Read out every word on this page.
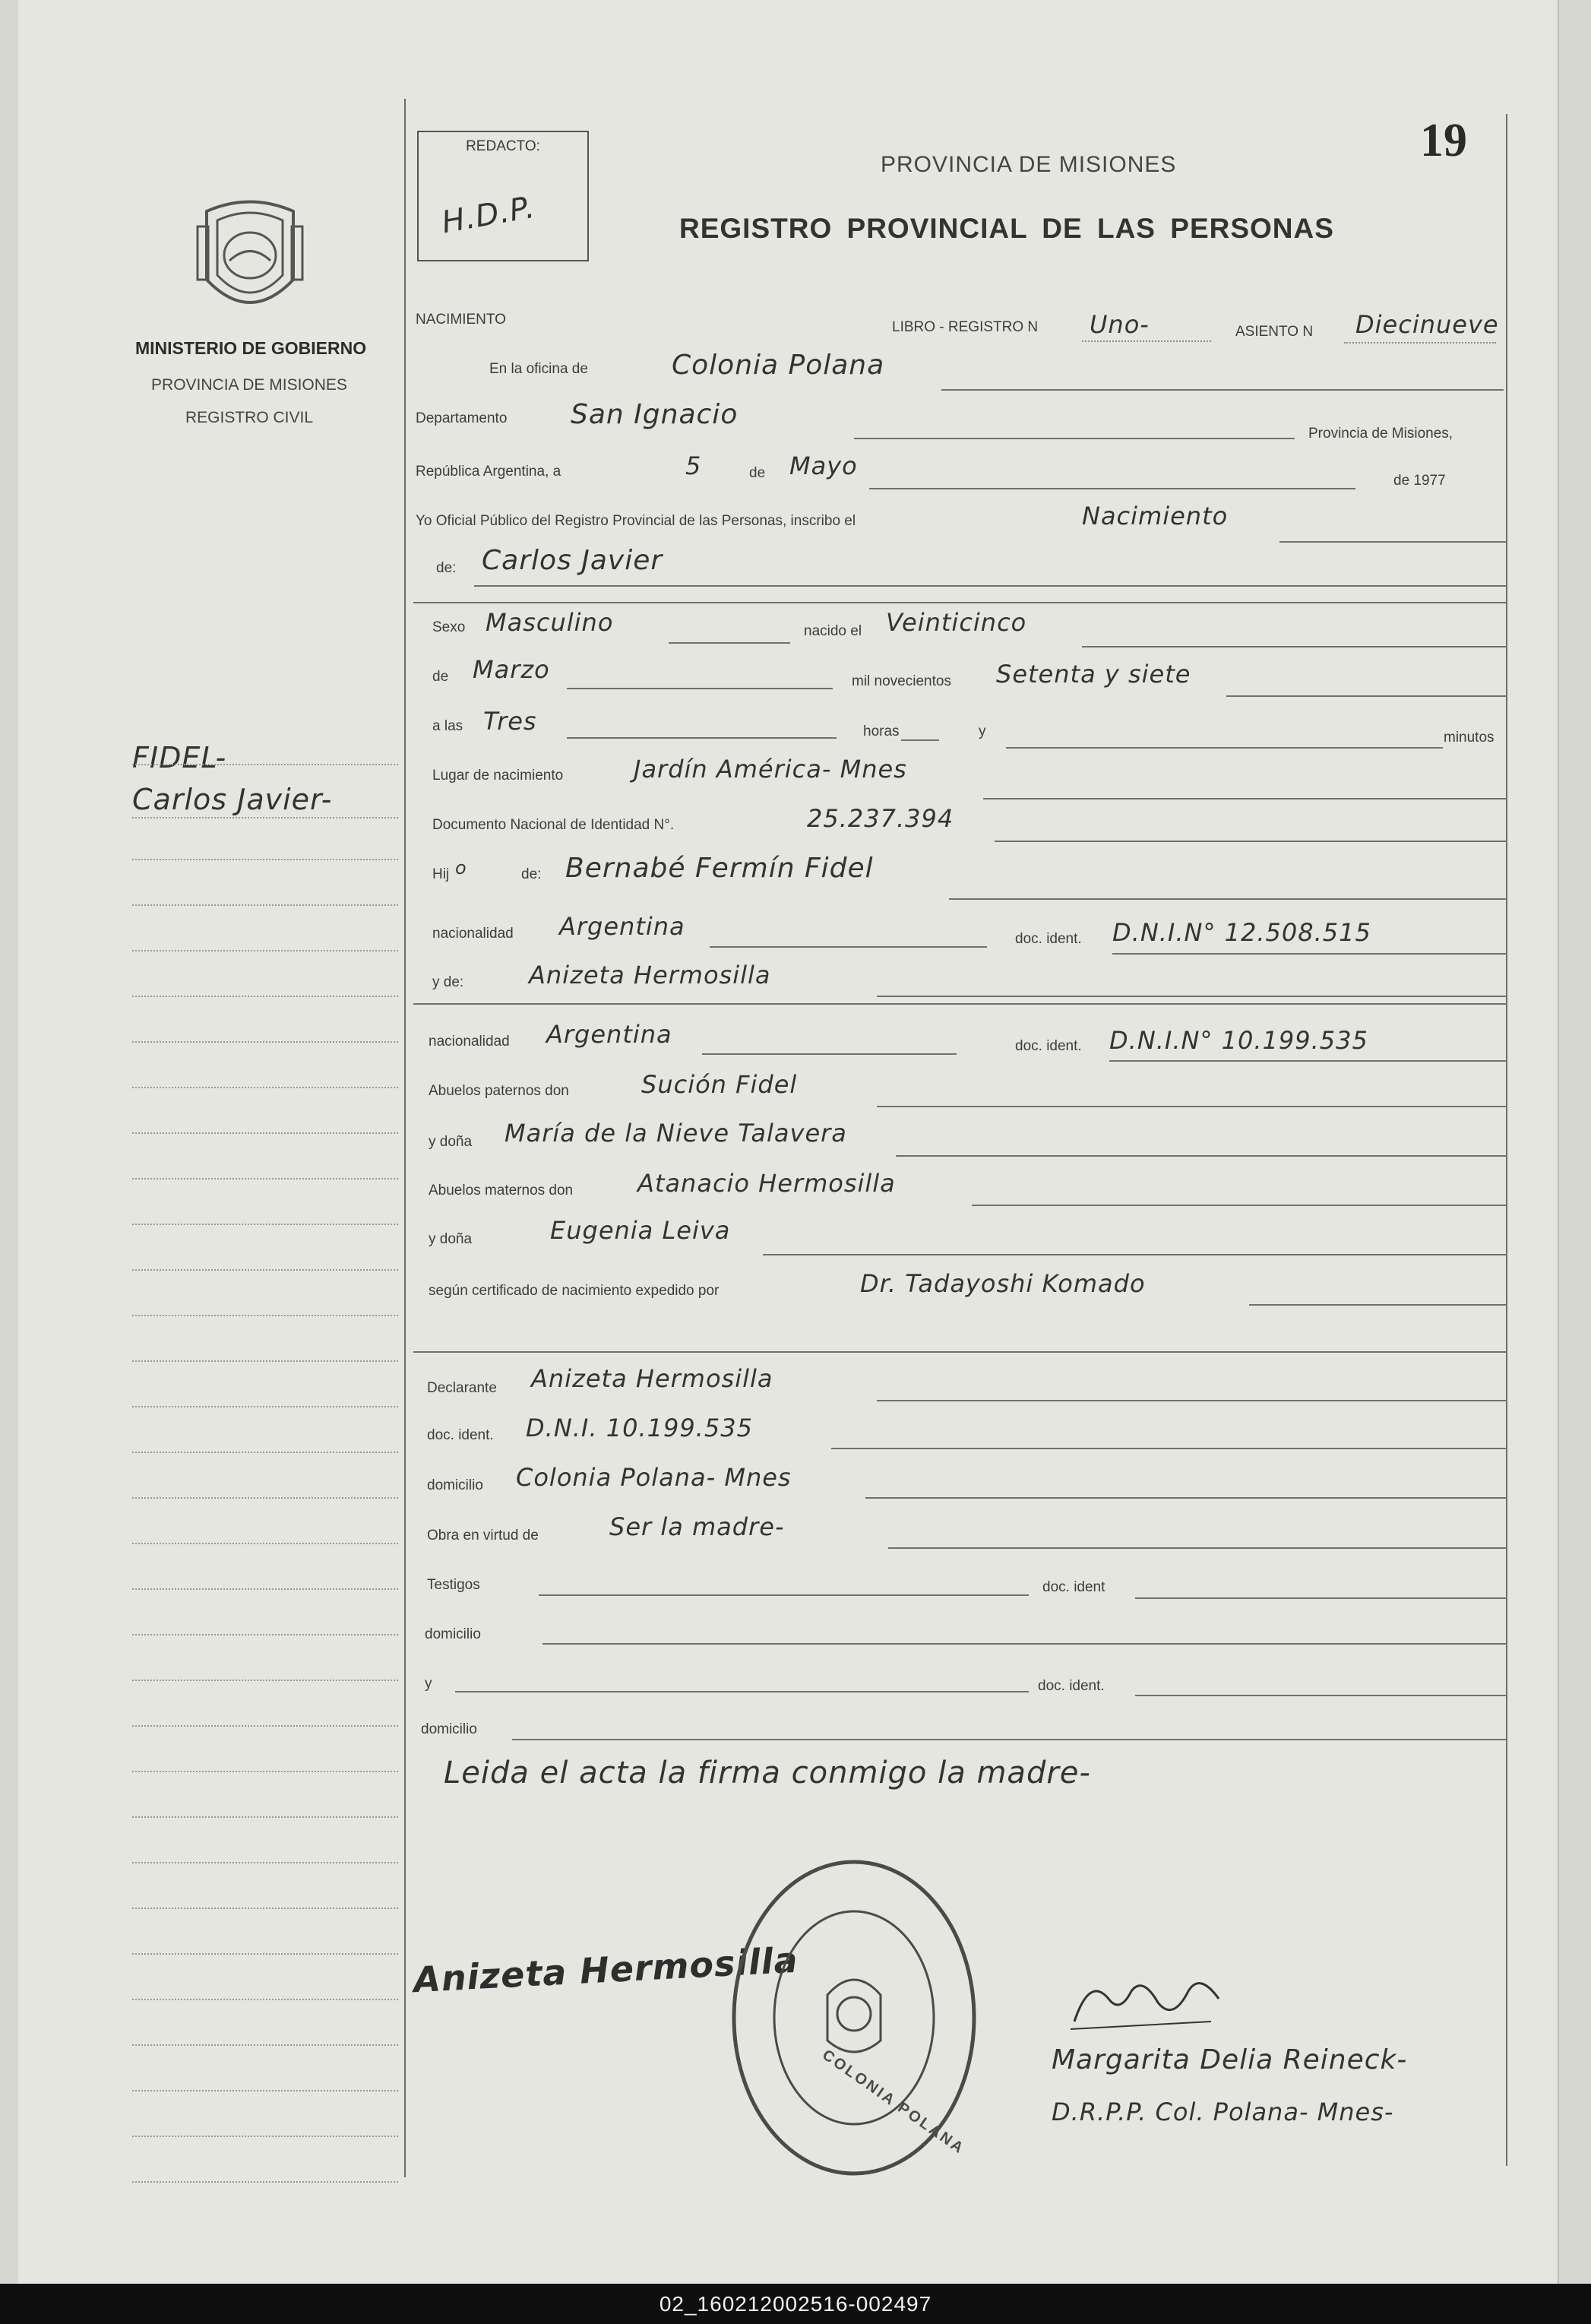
MINISTERIO DE GOBIERNO
PROVINCIA DE MISIONES
REGISTRO CIVIL
FIDEL-
Carlos Javier-
REDACTO:
H.D.P.
19
PROVINCIA DE MISIONES
REGISTRO PROVINCIAL DE LAS PERSONAS
NACIMIENTO	LIBRO - REGISTRO N Uno-	ASIENTO N Diecinueve
En la oficina de	Colonia Polana
Departamento San Ignacio
Provincia de Misiones,
República Argentina, a	5	de Mayo
de 1977
Yo Oficial Público del Registro Provincial de las Personas, inscribo el	Nacimiento
de: Carlos Javier
Sexo Masculino	nacido el Veinticinco
de Marzo	mil novecientos Setenta y siete
a las Tres	horas	y	minutos
Lugar de nacimiento	Jardín América- Mnes
Documento Nacional de Identidad N°.	25.237.394
Hij o	de: Bernabé Fermín Fidel
nacionalidad Argentina	doc. ident. D.N.I.N° 12.508.515
y de:	Anizeta Hermosilla
nacionalidad Argentina	doc. ident. D.N.I.N° 10.199.535
Abuelos paternos don	Sución Fidel
y doña María de la Nieve Talavera
Abuelos maternos don	Atanacio Hermosilla
y doña	Eugenia Leiva
según certificado de nacimiento expedido por	Dr. Tadayoshi Komado
Declarante Anizeta Hermosilla
doc. ident. D.N.I. 10.199.535
domicilio Colonia Polana- Mnes
Obra en virtud de	Ser la madre-
Testigos	doc. ident
domicilio
y	doc. ident.
domicilio
Leida el acta la firma conmigo la madre-
Anizeta Hermosilla
COLONIA POLANA	Margarita Delia Reineck-
D.R.P.P. Col. Polana- Mnes-
02_160212002516-002497
